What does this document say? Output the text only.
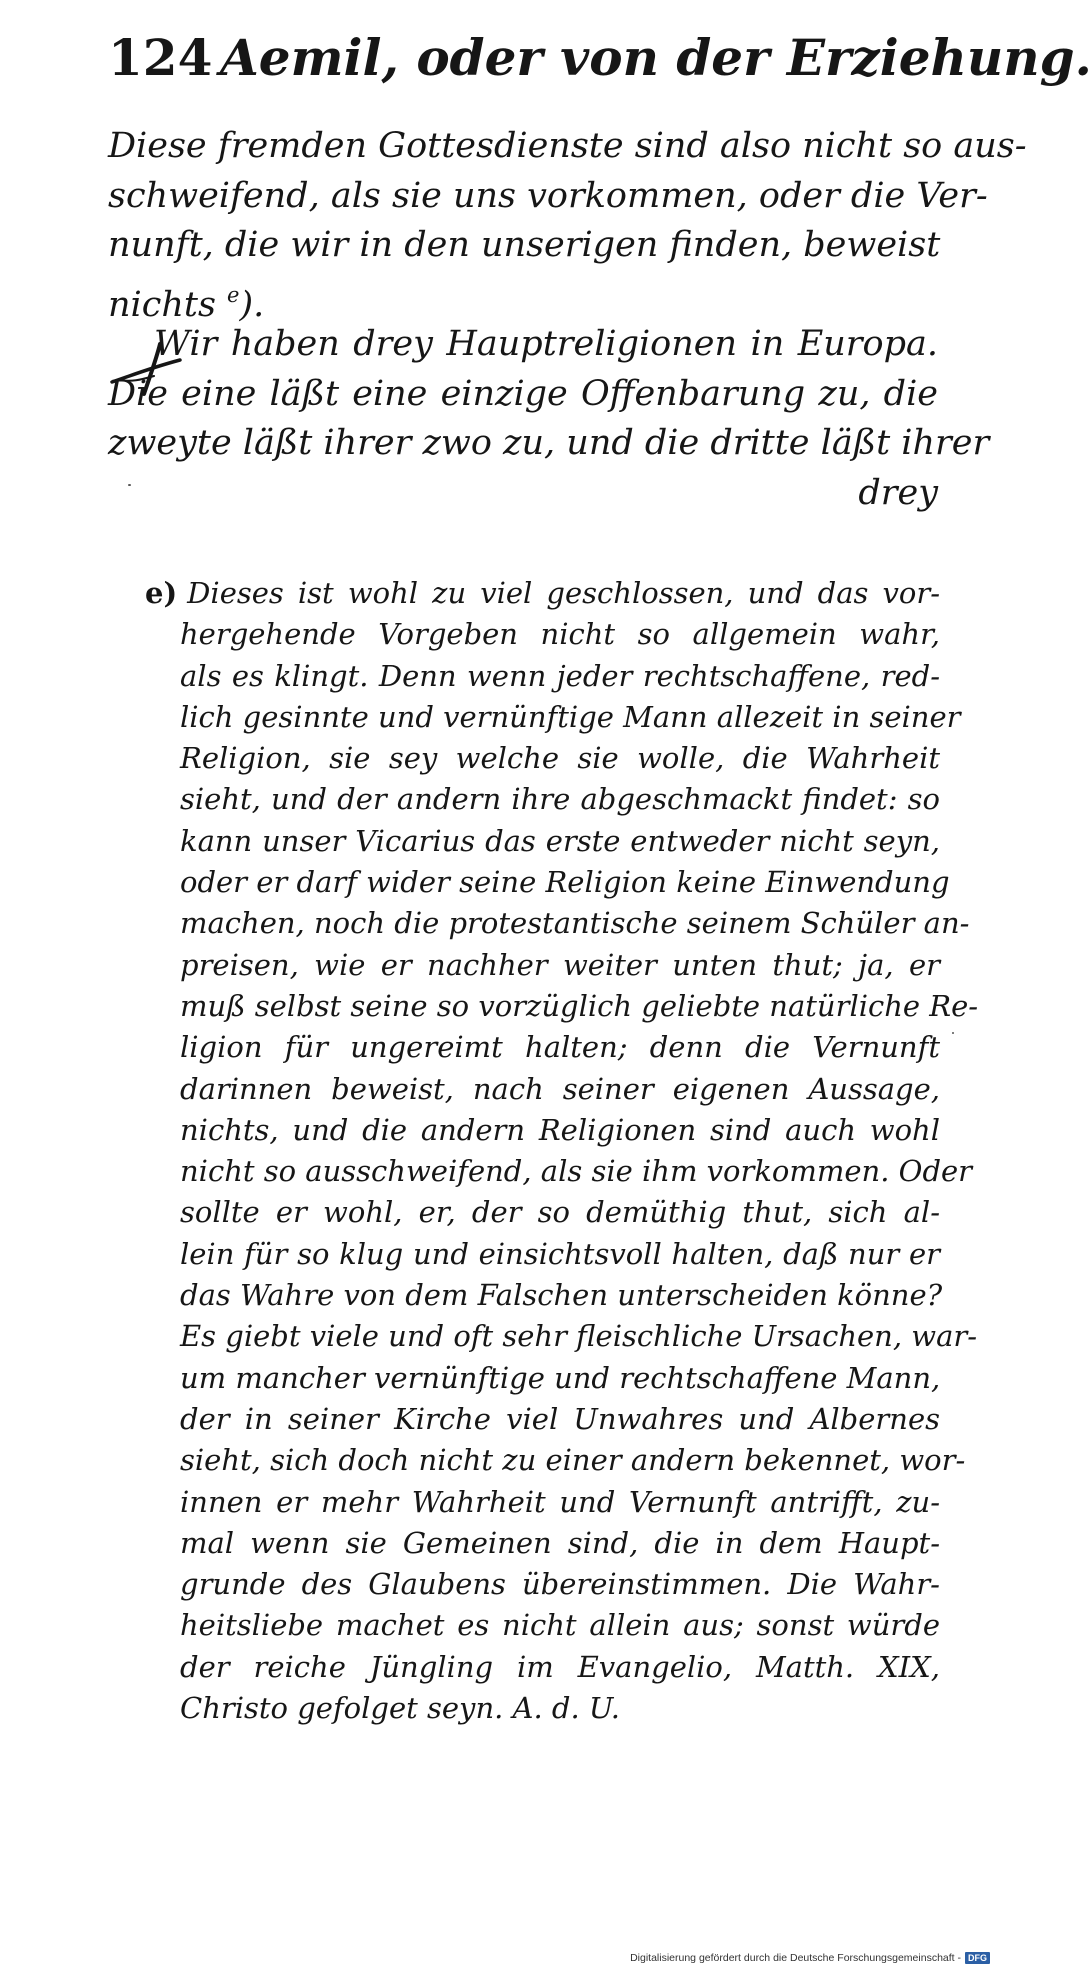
124 Aemil, oder von der Erziehung.
Diese fremden Gottesdienste sind also nicht so aus-
schweifend, als sie uns vorkommen, oder die Ver-
nunft, die wir in den unserigen finden, beweist
nichts $^e$).
Wir haben drey Hauptreligionen in Europa.
Die eine läßt eine einzige Offenbarung zu, die
zweyte läßt ihrer zwo zu, und die dritte läßt ihrer
drey
e) Dieses ist wohl zu viel geschlossen, und das vor-
hergehende Vorgeben nicht so allgemein wahr,
als es klingt. Denn wenn jeder rechtschaffene, red-
lich gesinnte und vernünftige Mann allezeit in seiner
Religion, sie sey welche sie wolle, die Wahrheit
sieht, und der andern ihre abgeschmackt findet: so
kann unser Vicarius das erste entweder nicht seyn,
oder er darf wider seine Religion keine Einwendung
machen, noch die protestantische seinem Schüler an-
preisen, wie er nachher weiter unten thut; ja, er
muß selbst seine so vorzüglich geliebte natürliche Re-
ligion für ungereimt halten; denn die Vernunft
darinnen beweist, nach seiner eigenen Aussage,
nichts, und die andern Religionen sind auch wohl
nicht so ausschweifend, als sie ihm vorkommen. Oder
sollte er wohl, er, der so demüthig thut, sich al-
lein für so klug und einsichtsvoll halten, daß nur er
das Wahre von dem Falschen unterscheiden könne?
Es giebt viele und oft sehr fleischliche Ursachen, war-
um mancher vernünftige und rechtschaffene Mann,
der in seiner Kirche viel Unwahres und Albernes
sieht, sich doch nicht zu einer andern bekennet, wor-
innen er mehr Wahrheit und Vernunft antrifft, zu-
mal wenn sie Gemeinen sind, die in dem Haupt-
grunde des Glaubens übereinstimmen. Die Wahr-
heitsliebe machet es nicht allein aus; sonst würde
der reiche Jüngling im Evangelio, Matth. XIX,
Christo gefolget seyn. A. d. U.
Digitalisierung gefördert durch die Deutsche Forschungsgemeinschaft - DFG
